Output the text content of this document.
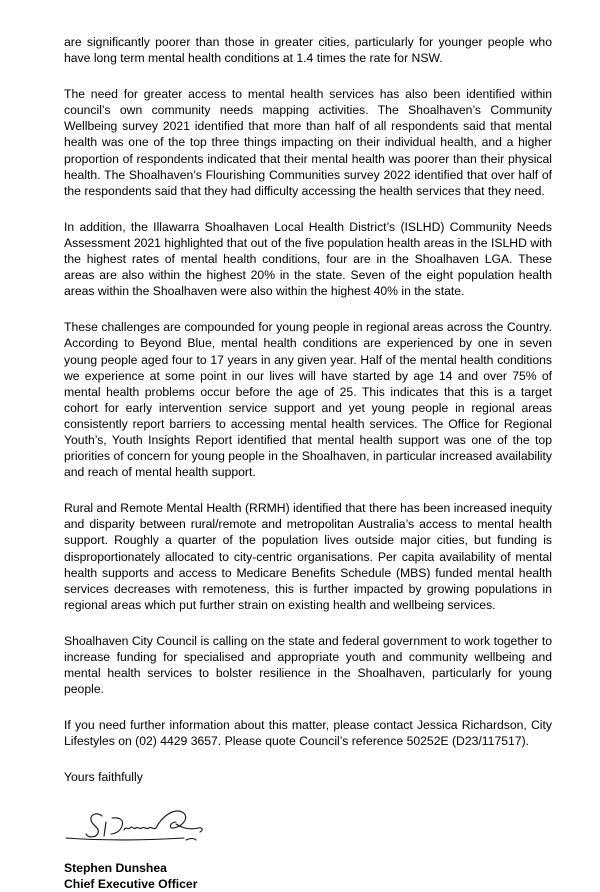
are significantly poorer than those in greater cities, particularly for younger people who have long term mental health conditions at 1.4 times the rate for NSW.

The need for greater access to mental health services has also been identified within council’s own community needs mapping activities. The Shoalhaven’s Community Wellbeing survey 2021 identified that more than half of all respondents said that mental health was one of the top three things impacting on their individual health, and a higher proportion of respondents indicated that their mental health was poorer than their physical health. The Shoalhaven’s Flourishing Communities survey 2022 identified that over half of the respondents said that they had difficulty accessing the health services that they need.

In addition, the Illawarra Shoalhaven Local Health District’s (ISLHD) Community Needs Assessment 2021 highlighted that out of the five population health areas in the ISLHD with the highest rates of mental health conditions, four are in the Shoalhaven LGA. These areas are also within the highest 20% in the state. Seven of the eight population health areas within the Shoalhaven were also within the highest 40% in the state.

These challenges are compounded for young people in regional areas across the Country. According to Beyond Blue, mental health conditions are experienced by one in seven young people aged four to 17 years in any given year. Half of the mental health conditions we experience at some point in our lives will have started by age 14 and over 75% of mental health problems occur before the age of 25. This indicates that this is a target cohort for early intervention service support and yet young people in regional areas consistently report barriers to accessing mental health services. The Office for Regional Youth’s, Youth Insights Report identified that mental health support was one of the top priorities of concern for young people in the Shoalhaven, in particular increased availability and reach of mental health support.

Rural and Remote Mental Health (RRMH) identified that there has been increased inequity and disparity between rural/remote and metropolitan Australia’s access to mental health support. Roughly a quarter of the population lives outside major cities, but funding is disproportionately allocated to city-centric organisations. Per capita availability of mental health supports and access to Medicare Benefits Schedule (MBS) funded mental health services decreases with remoteness, this is further impacted by growing populations in regional areas which put further strain on existing health and wellbeing services.

Shoalhaven City Council is calling on the state and federal government to work together to increase funding for specialised and appropriate youth and community wellbeing and mental health services to bolster resilience in the Shoalhaven, particularly for young people.

If you need further information about this matter, please contact Jessica Richardson, City Lifestyles on (02) 4429 3657. Please quote Council’s reference 50252E (D23/117517).

Yours faithfully

Stephen Dunshea

Chief Executive Officer
